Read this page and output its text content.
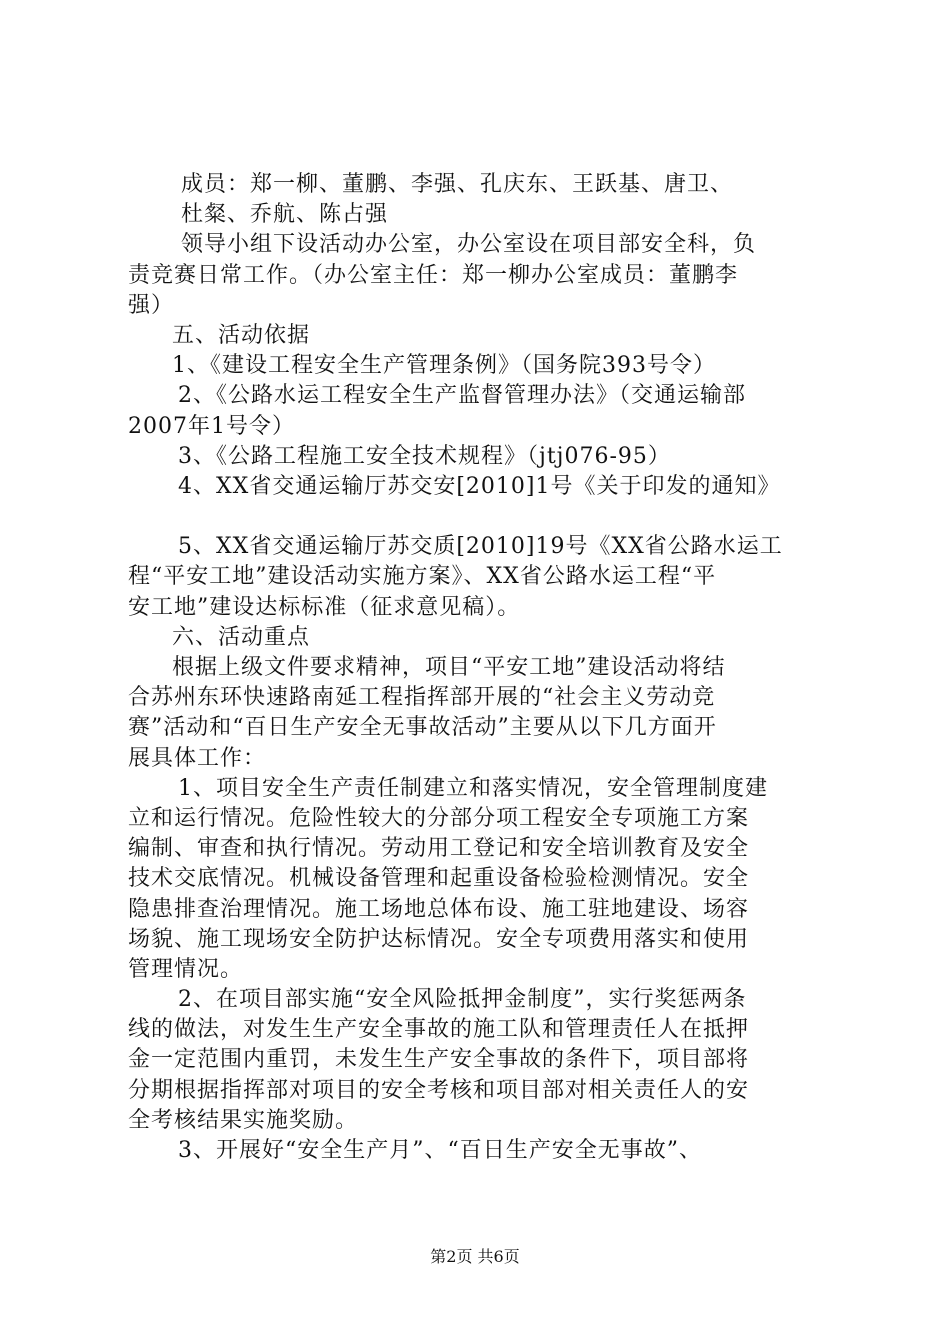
成员：郑一柳、董鹏、李强、孔庆东、王跃基、唐卫、
杜粲、乔航、陈占强
领导小组下设活动办公室，办公室设在项目部安全科，负
责竞赛日常工作。（办公室主任：郑一柳办公室成员：董鹏李
强）
五、活动依据
1、《建设工程安全生产管理条例》（国务院393号令）
2、《公路水运工程安全生产监督管理办法》（交通运输部
2007年1号令）
3、《公路工程施工安全技术规程》（jtj076-95）
4、XX省交通运输厅苏交安[2010]1号《关于印发的通知》
5、XX省交通运输厅苏交质[2010]19号《XX省公路水运工
程“平安工地”建设活动实施方案》、XX省公路水运工程“平
安工地”建设达标标准（征求意见稿）。
六、活动重点
根据上级文件要求精神，项目“平安工地”建设活动将结
合苏州东环快速路南延工程指挥部开展的“社会主义劳动竞
赛”活动和“百日生产安全无事故活动”主要从以下几方面开
展具体工作：
1、项目安全生产责任制建立和落实情况，安全管理制度建
立和运行情况。危险性较大的分部分项工程安全专项施工方案
编制、审查和执行情况。劳动用工登记和安全培训教育及安全
技术交底情况。机械设备管理和起重设备检验检测情况。安全
隐患排查治理情况。施工场地总体布设、施工驻地建设、场容
场貌、施工现场安全防护达标情况。安全专项费用落实和使用
管理情况。
2、在项目部实施“安全风险抵押金制度”，实行奖惩两条
线的做法，对发生生产安全事故的施工队和管理责任人在抵押
金一定范围内重罚，未发生生产安全事故的条件下，项目部将
分期根据指挥部对项目的安全考核和项目部对相关责任人的安
全考核结果实施奖励。
3、开展好“安全生产月”、“百日生产安全无事故”、
第2页 共6页
